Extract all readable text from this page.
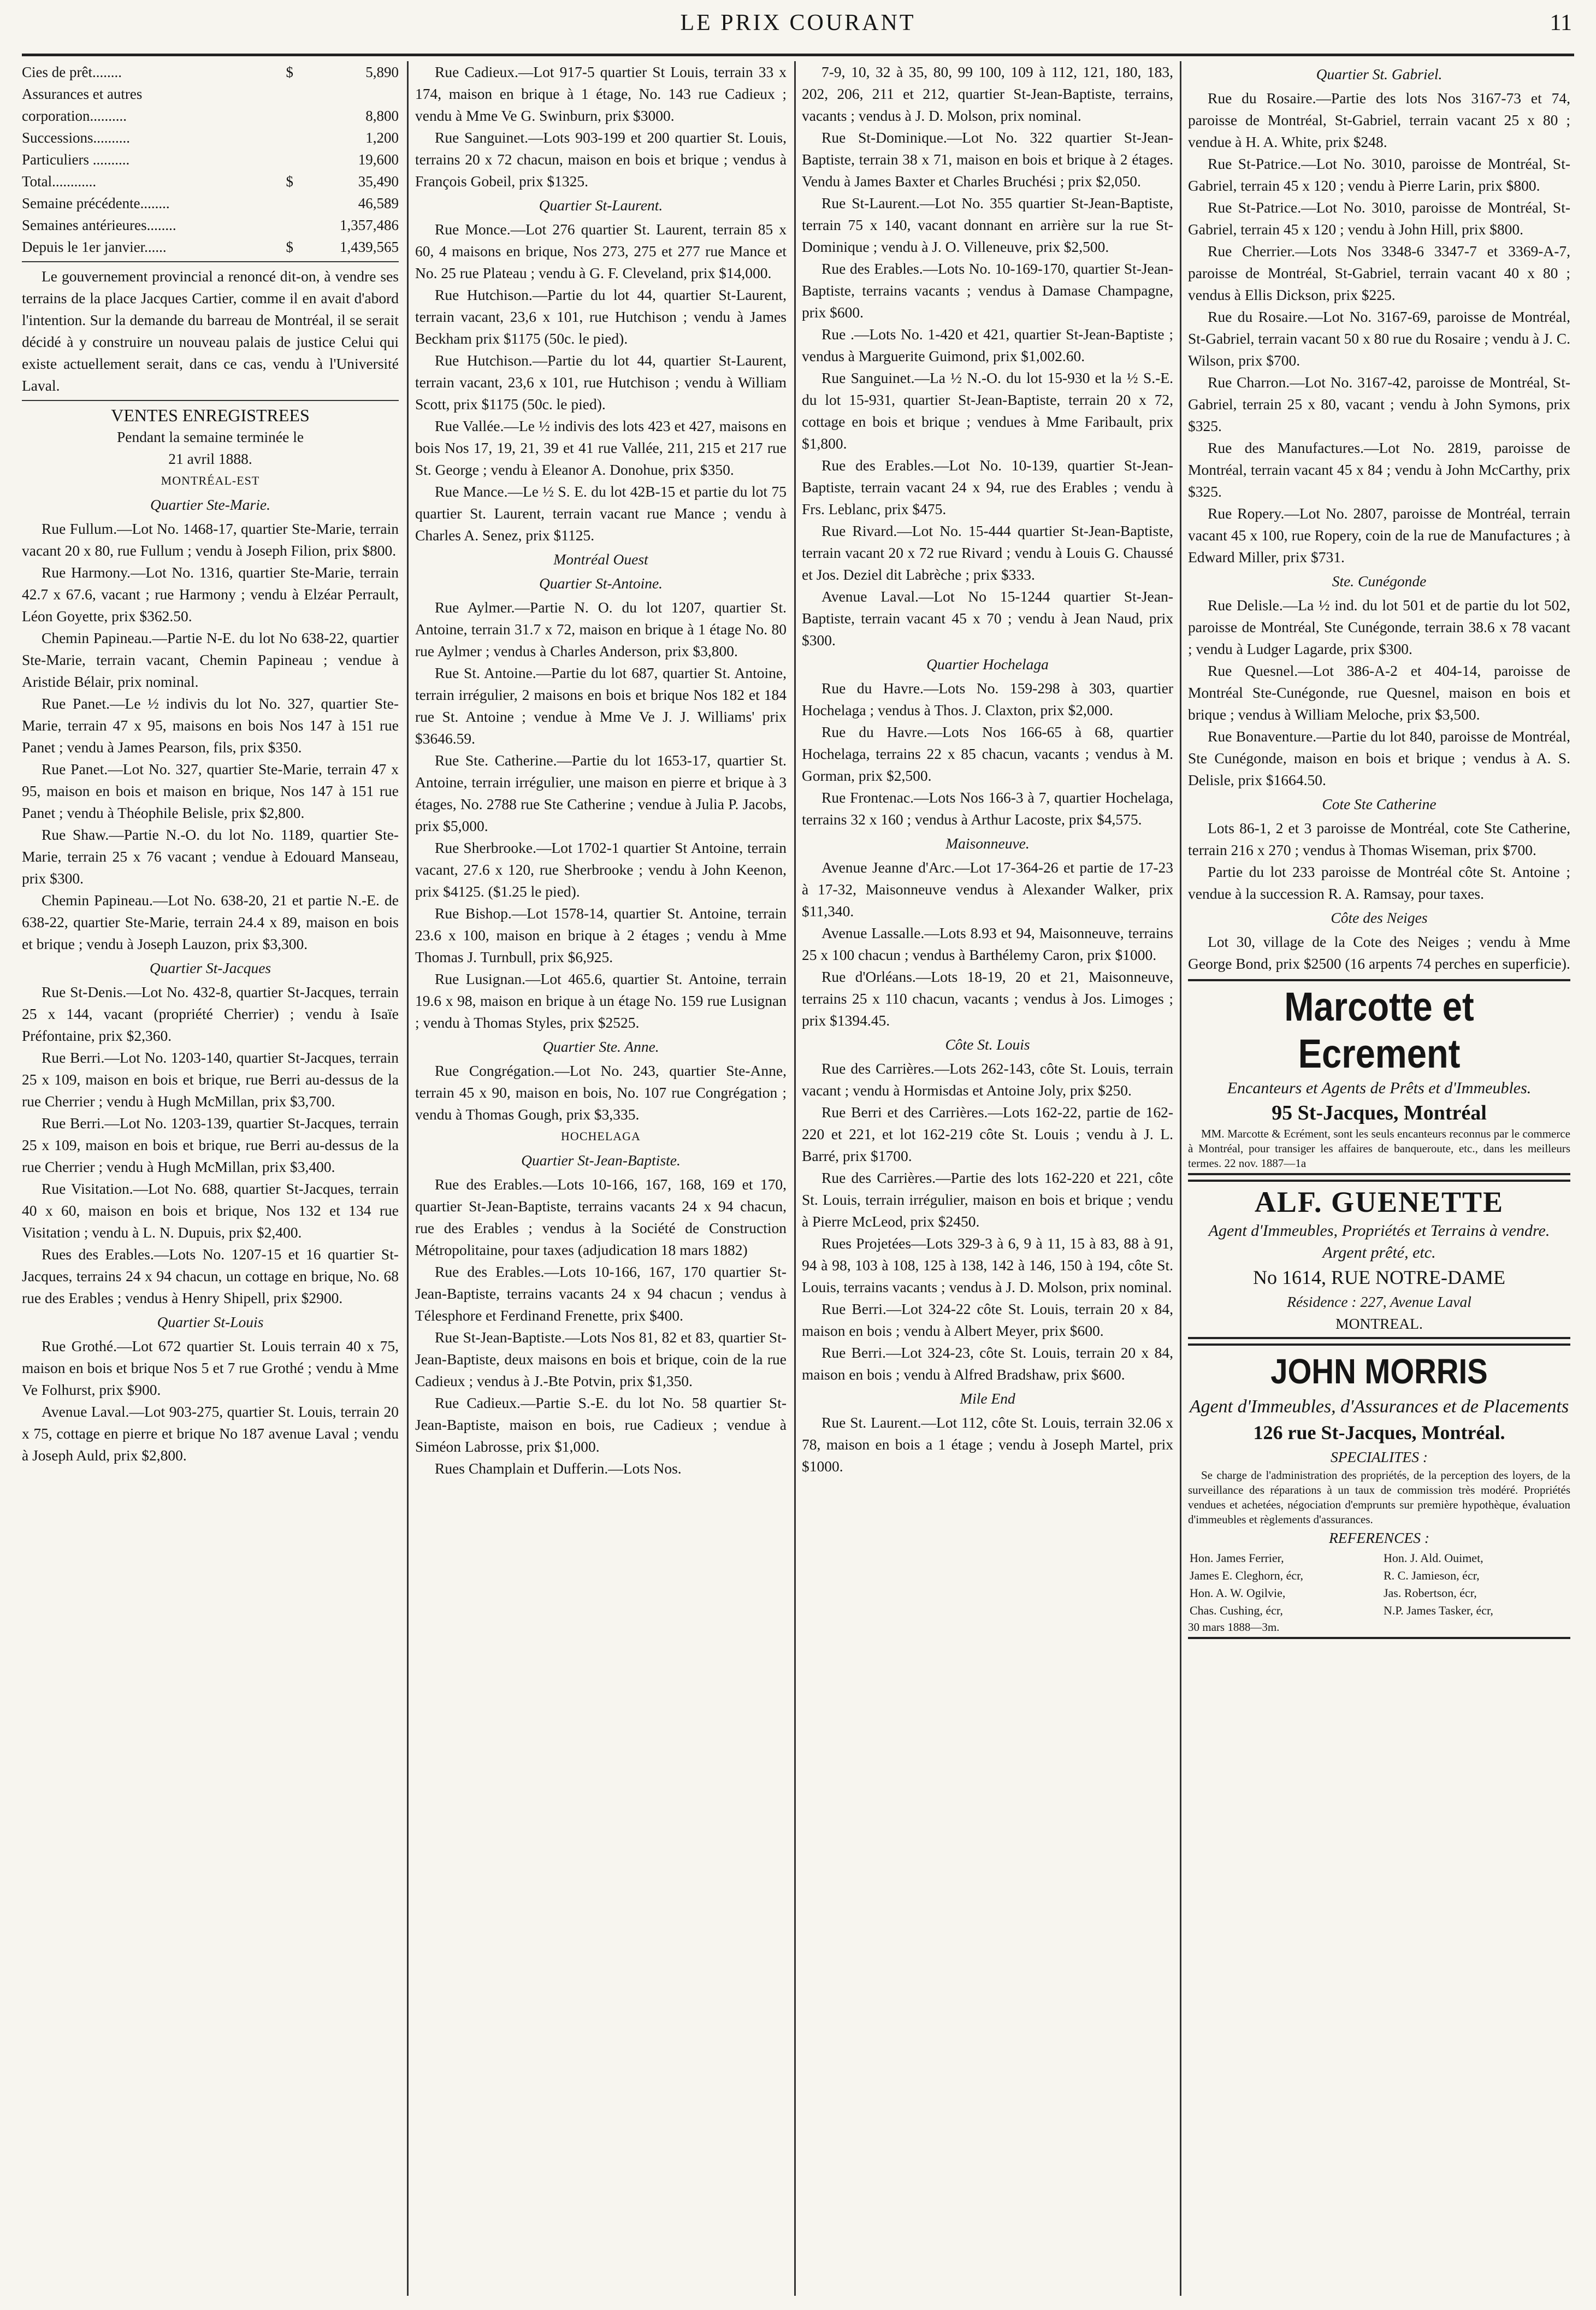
LE PRIX COURANT	11
Cies de prêt........	$	5,890
Assurances et autres		
corporation..........		8,800
Successions..........		1,200
Particuliers ..........		19,600
Total............	$	35,490
Semaine précédente........		46,589
Semaines antérieures........		1,357,486
Depuis le 1er janvier......	$	1,439,565

Le gouvernement provincial a renoncé dit-on, à vendre ses terrains de la place Jacques Cartier, comme il en avait d'abord l'intention. Sur la demande du barreau de Montréal, il se serait décidé à y construire un nouveau palais de justice Celui qui existe actuellement serait, dans ce cas, vendu à l'Université Laval.

VENTES ENREGISTREES

Pendant la semaine terminée le

21 avril 1888.

MONTRÉAL-EST

Quartier Ste-Marie.

Rue Fullum.—Lot No. 1468-17, quartier Ste-Marie, terrain vacant 20 x 80, rue Fullum ; vendu à Joseph Filion, prix $800.

Rue Harmony.—Lot No. 1316, quartier Ste-Marie, terrain 42.7 x 67.6, vacant ; rue Harmony ; vendu à Elzéar Perrault, Léon Goyette, prix $362.50.

Chemin Papineau.—Partie N-E. du lot No 638-22, quartier Ste-Marie, terrain vacant, Chemin Papineau ; vendue à Aristide Bélair, prix nominal.

Rue Panet.—Le ½ indivis du lot No. 327, quartier Ste-Marie, terrain 47 x 95, maisons en bois Nos 147 à 151 rue Panet ; vendu à James Pearson, fils, prix $350.

Rue Panet.—Lot No. 327, quartier Ste-Marie, terrain 47 x 95, maison en bois et maison en brique, Nos 147 à 151 rue Panet ; vendu à Théophile Belisle, prix $2,800.

Rue Shaw.—Partie N.-O. du lot No. 1189, quartier Ste-Marie, terrain 25 x 76 vacant ; vendue à Edouard Manseau, prix $300.

Chemin Papineau.—Lot No. 638-20, 21 et partie N.-E. de 638-22, quartier Ste-Marie, terrain 24.4 x 89, maison en bois et brique ; vendu à Joseph Lauzon, prix $3,300.

Quartier St-Jacques

Rue St-Denis.—Lot No. 432-8, quartier St-Jacques, terrain 25 x 144, vacant (propriété Cherrier) ; vendu à Isaïe Préfontaine, prix $2,360.

Rue Berri.—Lot No. 1203-140, quartier St-Jacques, terrain 25 x 109, maison en bois et brique, rue Berri au-dessus de la rue Cherrier ; vendu à Hugh McMillan, prix $3,700.

Rue Berri.—Lot No. 1203-139, quartier St-Jacques, terrain 25 x 109, maison en bois et brique, rue Berri au-dessus de la rue Cherrier ; vendu à Hugh McMillan, prix $3,400.

Rue Visitation.—Lot No. 688, quartier St-Jacques, terrain 40 x 60, maison en bois et brique, Nos 132 et 134 rue Visitation ; vendu à L. N. Dupuis, prix $2,400.

Rues des Erables.—Lots No. 1207-15 et 16 quartier St-Jacques, terrains 24 x 94 chacun, un cottage en brique, No. 68 rue des Erables ; vendus à Henry Shipell, prix $2900.

Quartier St-Louis

Rue Grothé.—Lot 672 quartier St. Louis terrain 40 x 75, maison en bois et brique Nos 5 et 7 rue Grothé ; vendu à Mme Ve Folhurst, prix $900.

Avenue Laval.—Lot 903-275, quartier St. Louis, terrain 20 x 75, cottage en pierre et brique No 187 avenue Laval ; vendu à Joseph Auld, prix $2,800.

Rue Cadieux.—Lot 917-5 quartier St Louis, terrain 33 x 174, maison en brique à 1 étage, No. 143 rue Cadieux ; vendu à Mme Ve G. Swinburn, prix $3000.

Rue Sanguinet.—Lots 903-199 et 200 quartier St. Louis, terrains 20 x 72 chacun, maison en bois et brique ; vendus à François Gobeil, prix $1325.

Quartier St-Laurent.

Rue Monce.—Lot 276 quartier St. Laurent, terrain 85 x 60, 4 maisons en brique, Nos 273, 275 et 277 rue Mance et No. 25 rue Plateau ; vendu à G. F. Cleveland, prix $14,000.

Rue Hutchison.—Partie du lot 44, quartier St-Laurent, terrain vacant, 23,6 x 101, rue Hutchison ; vendu à James Beckham prix $1175 (50c. le pied).

Rue Hutchison.—Partie du lot 44, quartier St-Laurent, terrain vacant, 23,6 x 101, rue Hutchison ; vendu à William Scott, prix $1175 (50c. le pied).

Rue Vallée.—Le ½ indivis des lots 423 et 427, maisons en bois Nos 17, 19, 21, 39 et 41 rue Vallée, 211, 215 et 217 rue St. George ; vendu à Eleanor A. Donohue, prix $350.

Rue Mance.—Le ½ S. E. du lot 42B-15 et partie du lot 75 quartier St. Laurent, terrain vacant rue Mance ; vendu à Charles A. Senez, prix $1125.

Montréal Ouest

Quartier St-Antoine.

Rue Aylmer.—Partie N. O. du lot 1207, quartier St. Antoine, terrain 31.7 x 72, maison en brique à 1 étage No. 80 rue Aylmer ; vendus à Charles Anderson, prix $3,800.

Rue St. Antoine.—Partie du lot 687, quartier St. Antoine, terrain irrégulier, 2 maisons en bois et brique Nos 182 et 184 rue St. Antoine ; vendue à Mme Ve J. J. Williams' prix $3646.59.

Rue Ste. Catherine.—Partie du lot 1653-17, quartier St. Antoine, terrain irrégulier, une maison en pierre et brique à 3 étages, No. 2788 rue Ste Catherine ; vendue à Julia P. Jacobs, prix $5,000.

Rue Sherbrooke.—Lot 1702-1 quartier St Antoine, terrain vacant, 27.6 x 120, rue Sherbrooke ; vendu à John Keenon, prix $4125. ($1.25 le pied).

Rue Bishop.—Lot 1578-14, quartier St. Antoine, terrain 23.6 x 100, maison en brique à 2 étages ; vendu à Mme Thomas J. Turnbull, prix $6,925.

Rue Lusignan.—Lot 465.6, quartier St. Antoine, terrain 19.6 x 98, maison en brique à un étage No. 159 rue Lusignan ; vendu à Thomas Styles, prix $2525.

Quartier Ste. Anne.

Rue Congrégation.—Lot No. 243, quartier Ste-Anne, terrain 45 x 90, maison en bois, No. 107 rue Congrégation ; vendu à Thomas Gough, prix $3,335.

HOCHELAGA

Quartier St-Jean-Baptiste.

Rue des Erables.—Lots 10-166, 167, 168, 169 et 170, quartier St-Jean-Baptiste, terrains vacants 24 x 94 chacun, rue des Erables ; vendus à la Société de Construction Métropolitaine, pour taxes (adjudication 18 mars 1882)

Rue des Erables.—Lots 10-166, 167, 170 quartier St-Jean-Baptiste, terrains vacants 24 x 94 chacun ; vendus à Télesphore et Ferdinand Frenette, prix $400.

Rue St-Jean-Baptiste.—Lots Nos 81, 82 et 83, quartier St-Jean-Baptiste, deux maisons en bois et brique, coin de la rue Cadieux ; vendus à J.-Bte Potvin, prix $1,350.

Rue Cadieux.—Partie S.-E. du lot No. 58 quartier St-Jean-Baptiste, maison en bois, rue Cadieux ; vendue à Siméon Labrosse, prix $1,000.

Rues Champlain et Dufferin.—Lots Nos.

7-9, 10, 32 à 35, 80, 99 100, 109 à 112, 121, 180, 183, 202, 206, 211 et 212, quartier St-Jean-Baptiste, terrains, vacants ; vendus à J. D. Molson, prix nominal.

Rue St-Dominique.—Lot No. 322 quartier St-Jean-Baptiste, terrain 38 x 71, maison en bois et brique à 2 étages. Vendu à James Baxter et Charles Bruchési ; prix $2,050.

Rue St-Laurent.—Lot No. 355 quartier St-Jean-Baptiste, terrain 75 x 140, vacant donnant en arrière sur la rue St-Dominique ; vendu à J. O. Villeneuve, prix $2,500.

Rue des Erables.—Lots No. 10-169-170, quartier St-Jean-Baptiste, terrains vacants ; vendus à Damase Champagne, prix $600.

Rue .—Lots No. 1-420 et 421, quartier St-Jean-Baptiste ; vendus à Marguerite Guimond, prix $1,002.60.

Rue Sanguinet.—La ½ N.-O. du lot 15-930 et la ½ S.-E. du lot 15-931, quartier St-Jean-Baptiste, terrain 20 x 72, cottage en bois et brique ; vendues à Mme Faribault, prix $1,800.

Rue des Erables.—Lot No. 10-139, quartier St-Jean-Baptiste, terrain vacant 24 x 94, rue des Erables ; vendu à Frs. Leblanc, prix $475.

Rue Rivard.—Lot No. 15-444 quartier St-Jean-Baptiste, terrain vacant 20 x 72 rue Rivard ; vendu à Louis G. Chaussé et Jos. Deziel dit Labrèche ; prix $333.

Avenue Laval.—Lot No 15-1244 quartier St-Jean-Baptiste, terrain vacant 45 x 70 ; vendu à Jean Naud, prix $300.

Quartier Hochelaga

Rue du Havre.—Lots No. 159-298 à 303, quartier Hochelaga ; vendus à Thos. J. Claxton, prix $2,000.

Rue du Havre.—Lots Nos 166-65 à 68, quartier Hochelaga, terrains 22 x 85 chacun, vacants ; vendus à M. Gorman, prix $2,500.

Rue Frontenac.—Lots Nos 166-3 à 7, quartier Hochelaga, terrains 32 x 160 ; vendus à Arthur Lacoste, prix $4,575.

Maisonneuve.

Avenue Jeanne d'Arc.—Lot 17-364-26 et partie de 17-23 à 17-32, Maisonneuve vendus à Alexander Walker, prix $11,340.

Avenue Lassalle.—Lots 8.93 et 94, Maisonneuve, terrains 25 x 100 chacun ; vendus à Barthélemy Caron, prix $1000.

Rue d'Orléans.—Lots 18-19, 20 et 21, Maisonneuve, terrains 25 x 110 chacun, vacants ; vendus à Jos. Limoges ; prix $1394.45.

Côte St. Louis

Rue des Carrières.—Lots 262-143, côte St. Louis, terrain vacant ; vendu à Hormisdas et Antoine Joly, prix $250.

Rue Berri et des Carrières.—Lots 162-22, partie de 162-220 et 221, et lot 162-219 côte St. Louis ; vendu à J. L. Barré, prix $1700.

Rue des Carrières.—Partie des lots 162-220 et 221, côte St. Louis, terrain irrégulier, maison en bois et brique ; vendu à Pierre McLeod, prix $2450.

Rues Projetées—Lots 329-3 à 6, 9 à 11, 15 à 83, 88 à 91, 94 à 98, 103 à 108, 125 à 138, 142 à 146, 150 à 194, côte St. Louis, terrains vacants ; vendus à J. D. Molson, prix nominal.

Rue Berri.—Lot 324-22 côte St. Louis, terrain 20 x 84, maison en bois ; vendu à Albert Meyer, prix $600.

Rue Berri.—Lot 324-23, côte St. Louis, terrain 20 x 84, maison en bois ; vendu à Alfred Bradshaw, prix $600.

Mile End

Rue St. Laurent.—Lot 112, côte St. Louis, terrain 32.06 x 78, maison en bois a 1 étage ; vendu à Joseph Martel, prix $1000.

Quartier St. Gabriel.

Rue du Rosaire.—Partie des lots Nos 3167-73 et 74, paroisse de Montréal, St-Gabriel, terrain vacant 25 x 80 ; vendue à H. A. White, prix $248.

Rue St-Patrice.—Lot No. 3010, paroisse de Montréal, St-Gabriel, terrain 45 x 120 ; vendu à Pierre Larin, prix $800.

Rue St-Patrice.—Lot No. 3010, paroisse de Montréal, St-Gabriel, terrain 45 x 120 ; vendu à John Hill, prix $800.

Rue Cherrier.—Lots Nos 3348-6 3347-7 et 3369-A-7, paroisse de Montréal, St-Gabriel, terrain vacant 40 x 80 ; vendus à Ellis Dickson, prix $225.

Rue du Rosaire.—Lot No. 3167-69, paroisse de Montréal, St-Gabriel, terrain vacant 50 x 80 rue du Rosaire ; vendu à J. C. Wilson, prix $700.

Rue Charron.—Lot No. 3167-42, paroisse de Montréal, St-Gabriel, terrain 25 x 80, vacant ; vendu à John Symons, prix $325.

Rue des Manufactures.—Lot No. 2819, paroisse de Montréal, terrain vacant 45 x 84 ; vendu à John McCarthy, prix $325.

Rue Ropery.—Lot No. 2807, paroisse de Montréal, terrain vacant 45 x 100, rue Ropery, coin de la rue de Manufactures ; à Edward Miller, prix $731.

Ste. Cunégonde

Rue Delisle.—La ½ ind. du lot 501 et de partie du lot 502, paroisse de Montréal, Ste Cunégonde, terrain 38.6 x 78 vacant ; vendu à Ludger Lagarde, prix $300.

Rue Quesnel.—Lot 386-A-2 et 404-14, paroisse de Montréal Ste-Cunégonde, rue Quesnel, maison en bois et brique ; vendus à William Meloche, prix $3,500.

Rue Bonaventure.—Partie du lot 840, paroisse de Montréal, Ste Cunégonde, maison en bois et brique ; vendus à A. S. Delisle, prix $1664.50.

Cote Ste Catherine

Lots 86-1, 2 et 3 paroisse de Montréal, cote Ste Catherine, terrain 216 x 270 ; vendus à Thomas Wiseman, prix $700.

Partie du lot 233 paroisse de Montréal côte St. Antoine ; vendue à la succession R. A. Ramsay, pour taxes.

Côte des Neiges

Lot 30, village de la Cote des Neiges ; vendu à Mme George Bond, prix $2500 (16 arpents 74 perches en superficie).

Marcotte et Ecrement

Encanteurs et Agents de Prêts et d'Immeubles.

95 St-Jacques, Montréal

MM. Marcotte & Ecrément, sont les seuls encanteurs reconnus par le commerce à Montréal, pour transiger les affaires de banqueroute, etc., dans les meilleurs termes. 22 nov. 1887—1a

ALF. GUENETTE

Agent d'Immeubles, Propriétés et Terrains à vendre. Argent prêté, etc.

No 1614, RUE NOTRE-DAME

Résidence : 227, Avenue Laval

MONTREAL.

JOHN MORRIS

Agent d'Immeubles, d'Assurances et de Placements

126 rue St-Jacques, Montréal.

SPECIALITES :

Se charge de l'administration des propriétés, de la perception des loyers, de la surveillance des réparations à un taux de commission très modéré. Propriétés vendues et achetées, négociation d'emprunts sur première hypothèque, évaluation d'immeubles et règlements d'assurances.

REFERENCES :

Hon. James Ferrier,	Hon. J. Ald. Ouimet,
James E. Cleghorn, écr,	R. C. Jamieson, écr,
Hon. A. W. Ogilvie,	Jas. Robertson, écr,
Chas. Cushing, écr,	N.P. James Tasker, écr,

30 mars 1888—3m.
